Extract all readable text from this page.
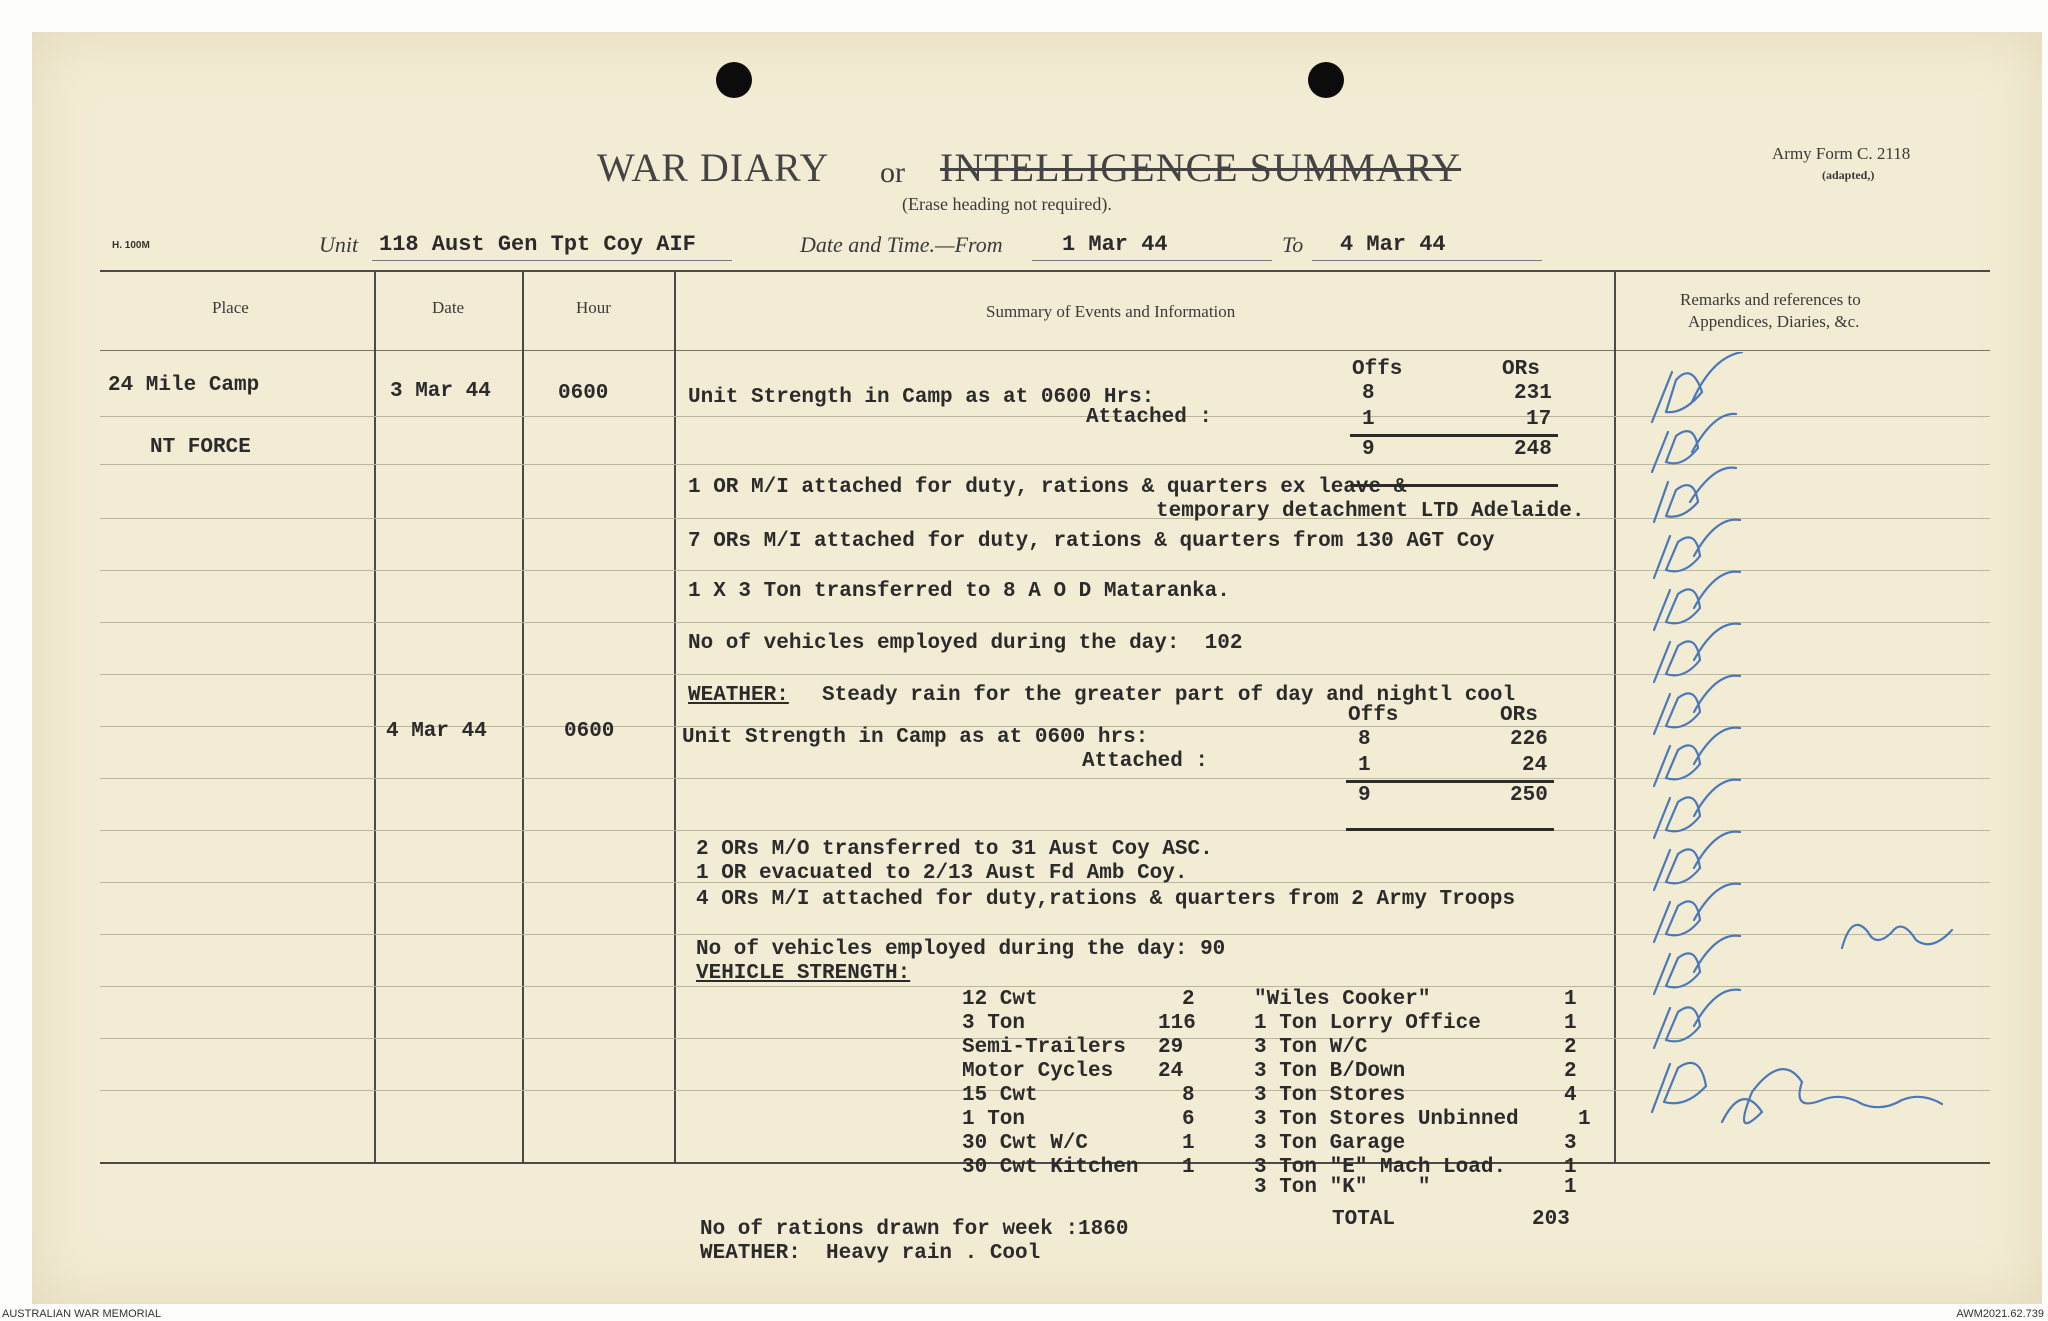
WAR DIARY or INTELLIGENCE SUMMARY
(Erase heading not required).
Army Form C. 2118
(adapted,)
H. 100M	Unit 118 Aust Gen Tpt Coy AIF	Date and Time.—From	1 Mar 44	To 4 Mar 44
Place	Date	Hour	Summary of Events and Information
Remarks and references to
Appendices, Diaries, &c.
24 Mile Camp
NT FORCE
3 Mar 44	0600	Unit Strength in Camp as at 0600 Hrs:
Attached :
Offs	ORs
8	231
1	17
9	248
1 OR M/I attached for duty, rations & quarters ex leave &
temporary detachment LTD Adelaide.
7 ORs M/I attached for duty, rations & quarters from 130 AGT Coy
1 X 3 Ton transferred to 8 A O D Mataranka.
No of vehicles employed during the day:  102
WEATHER: Steady rain for the greater part of day and nightl cool
4 Mar 44	0600	Unit Strength in Camp as at 0600 hrs:
Attached :
Offs	ORs
8	226
1	24
9	250
2 ORs M/O transferred to 31 Aust Coy ASC.
1 OR evacuated to 2/13 Aust Fd Amb Coy.
4 ORs M/I attached for duty,rations & quarters from 2 Army Troops
No of vehicles employed during the day: 90
VEHICLE STRENGTH:
12 Cwt	2
3 Ton	116
Semi-Trailers 29
Motor Cycles 24
15 Cwt	8
1 Ton	6
30 Cwt W/C	1
30 Cwt Kitchen 1
"Wiles Cooker"	1
1 Ton Lorry Office	1
3 Ton W/C	2
3 Ton B/Down	2
3 Ton Stores	4
3 Ton Stores Unbinned	1
3 Ton Garage	3
3 Ton "E" Mach Load.	1
3 Ton "K"    "	1
TOTAL	203
No of rations drawn for week :1860
WEATHER: Heavy rain . Cool
AUSTRALIAN WAR MEMORIAL	AWM2021.62.739
